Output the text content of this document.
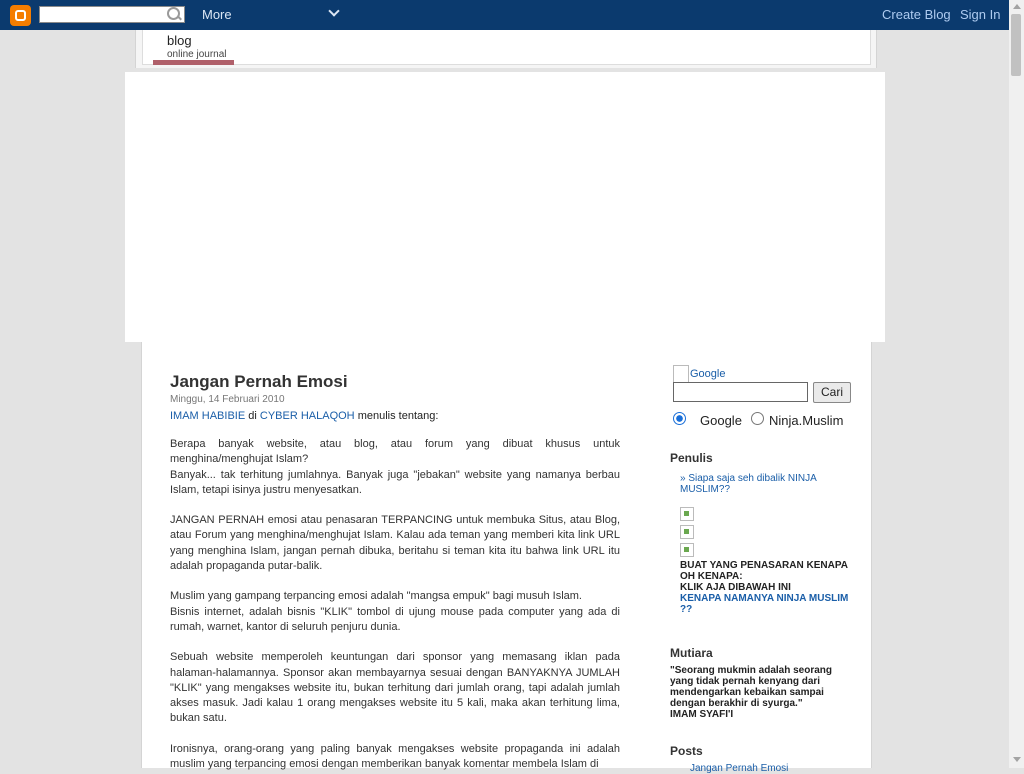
More	Create Blog Sign In
blog
online journal
Jangan Pernah Emosi
Minggu, 14 Februari 2010
IMAM HABIBIE di CYBER HALAQOH menulis tentang:

Berapa banyak website, atau blog, atau forum yang dibuat khusus untuk menghina/menghujat Islam?

Banyak... tak terhitung jumlahnya. Banyak juga "jebakan" website yang namanya berbau Islam, tetapi isinya justru menyesatkan.

JANGAN PERNAH emosi atau penasaran TERPANCING untuk membuka Situs, atau Blog, atau Forum yang menghina/menghujat Islam. Kalau ada teman yang memberi kita link URL yang menghina Islam, jangan pernah dibuka, beritahu si teman kita itu bahwa link URL itu adalah propaganda putar-balik.

Muslim yang gampang terpancing emosi adalah "mangsa empuk" bagi musuh Islam.

Bisnis internet, adalah bisnis "KLIK" tombol di ujung mouse pada computer yang ada di rumah, warnet, kantor di seluruh penjuru dunia.

Sebuah website memperoleh keuntungan dari sponsor yang memasang iklan pada halaman-halamannya. Sponsor akan membayarnya sesuai dengan BANYAKNYA JUMLAH "KLIK" yang mengakses website itu, bukan terhitung dari jumlah orang, tapi adalah jumlah akses masuk. Jadi kalau 1 orang mengakses website itu 5 kali, maka akan terhitung lima, bukan satu.

Ironisnya, orang-orang yang paling banyak mengakses website propaganda ini adalah muslim yang terpancing emosi dengan memberikan banyak komentar membela Islam di

Google
Cari
Google Ninja.Muslim
Penulis
» Siapa saja seh dibalik NINJA MUSLIM??
BUAT YANG PENASARAN KENAPA OH KENAPA:
KLIK AJA DIBAWAH INI
KENAPA NAMANYA NINJA MUSLIM ??
Mutiara
"Seorang mukmin adalah seorang yang tidak pernah kenyang dari mendengarkan kebaikan sampai dengan berakhir di syurga."
IMAM SYAFI'I
Posts
Jangan Pernah Emosi
